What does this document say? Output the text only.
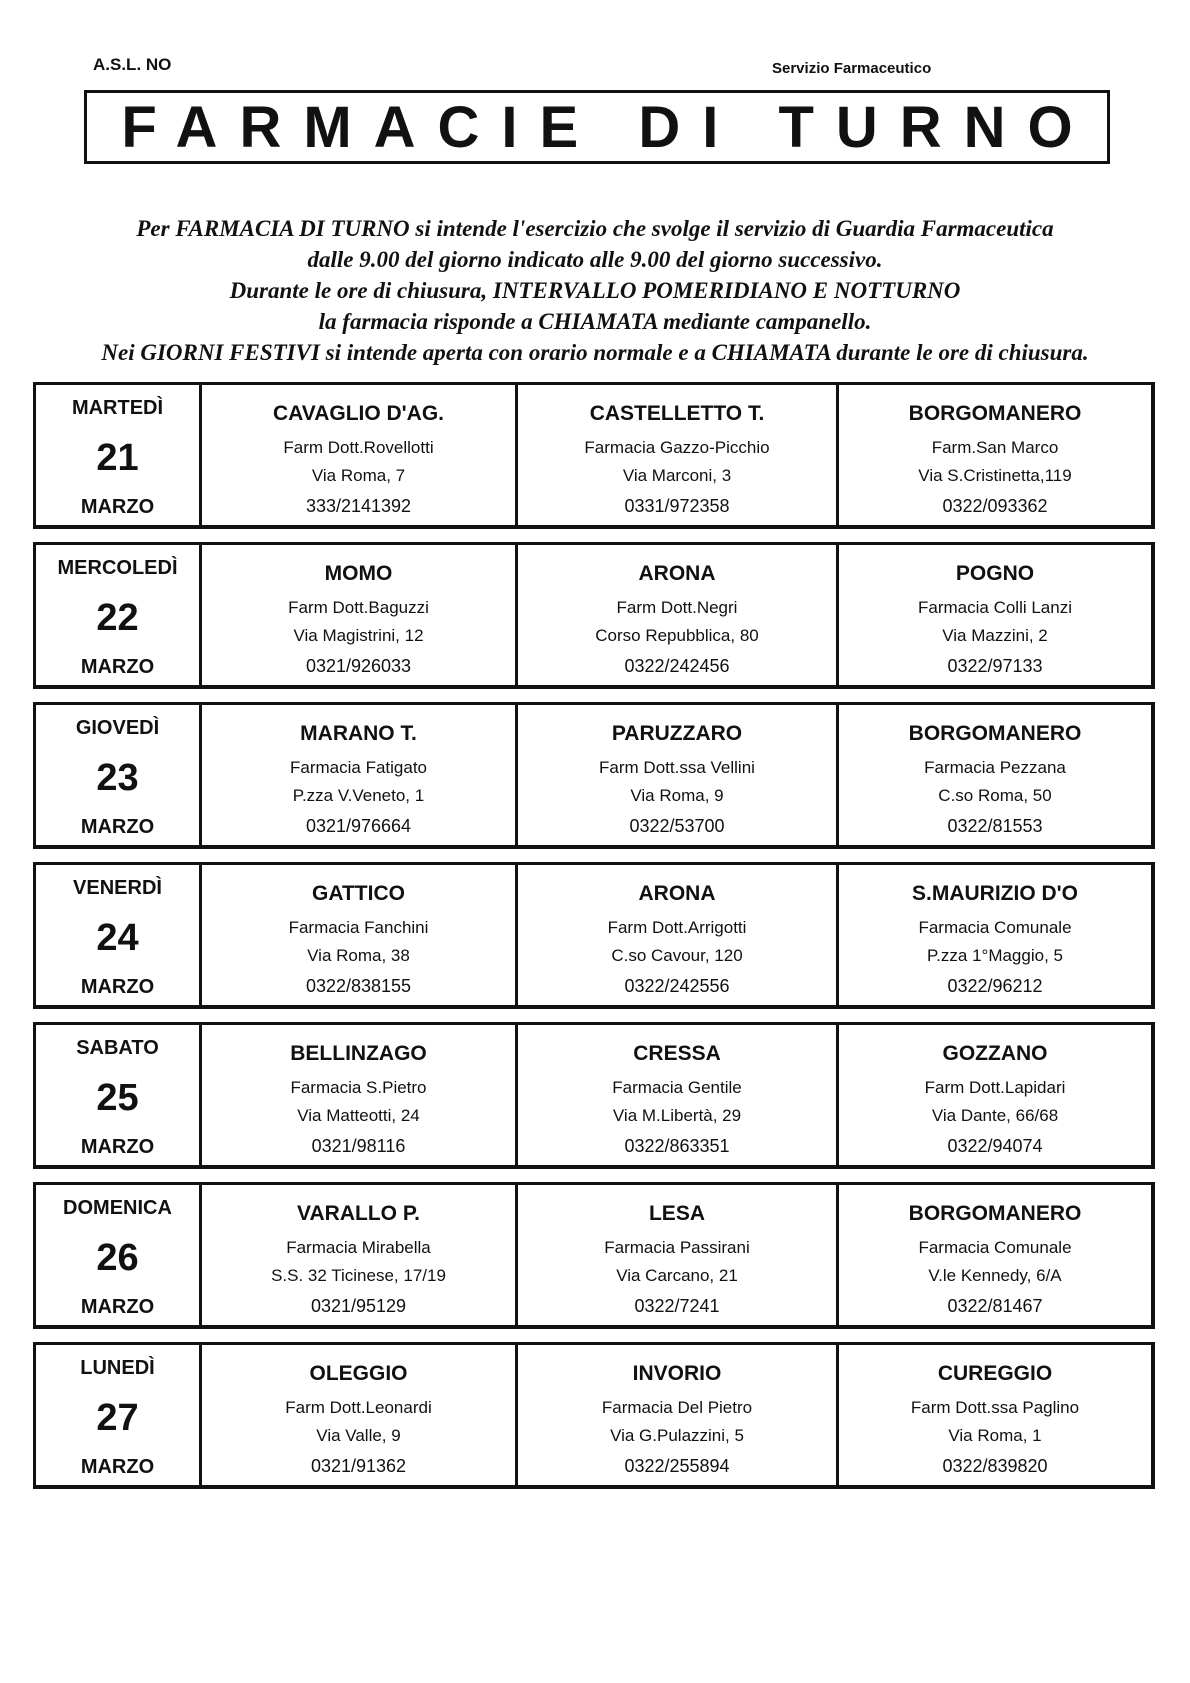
A.S.L. NO	Servizio Farmaceutico
FARMACIE DI TURNO
Per FARMACIA DI TURNO si intende l'esercizio che svolge il servizio di Guardia Farmaceutica
dalle 9.00 del giorno indicato alle 9.00 del giorno successivo.
Durante le ore di chiusura, INTERVALLO POMERIDIANO E NOTTURNO
la farmacia risponde a CHIAMATA mediante campanello.
Nei GIORNI FESTIVI si intende aperta con orario normale e a CHIAMATA durante le ore di chiusura.
MARTEDÌ
21
MARZO
CAVAGLIO D'AG.
Farm Dott.Rovellotti
Via Roma, 7
333/2141392
CASTELLETTO T.
Farmacia Gazzo-Picchio
Via Marconi, 3
0331/972358
BORGOMANERO
Farm.San Marco
Via S.Cristinetta,119
0322/093362
MERCOLEDÌ
22
MARZO
MOMO
Farm Dott.Baguzzi
Via Magistrini, 12
0321/926033
ARONA
Farm Dott.Negri
Corso Repubblica, 80
0322/242456
POGNO
Farmacia Colli Lanzi
Via Mazzini, 2
0322/97133
GIOVEDÌ
23
MARZO
MARANO T.
Farmacia Fatigato
P.zza V.Veneto, 1
0321/976664
PARUZZARO
Farm Dott.ssa Vellini
Via Roma, 9
0322/53700
BORGOMANERO
Farmacia Pezzana
C.so Roma, 50
0322/81553
VENERDÌ
24
MARZO
GATTICO
Farmacia Fanchini
Via Roma, 38
0322/838155
ARONA
Farm Dott.Arrigotti
C.so Cavour, 120
0322/242556
S.MAURIZIO D'O
Farmacia Comunale
P.zza 1°Maggio, 5
0322/96212
SABATO
25
MARZO
BELLINZAGO
Farmacia S.Pietro
Via Matteotti, 24
0321/98116
CRESSA
Farmacia Gentile
Via M.Libertà, 29
0322/863351
GOZZANO
Farm Dott.Lapidari
Via Dante, 66/68
0322/94074
DOMENICA
26
MARZO
VARALLO P.
Farmacia Mirabella
S.S. 32 Ticinese, 17/19
0321/95129
LESA
Farmacia Passirani
Via Carcano, 21
0322/7241
BORGOMANERO
Farmacia Comunale
V.le Kennedy, 6/A
0322/81467
LUNEDÌ
27
MARZO
OLEGGIO
Farm Dott.Leonardi
Via Valle, 9
0321/91362
INVORIO
Farmacia Del Pietro
Via G.Pulazzini, 5
0322/255894
CUREGGIO
Farm Dott.ssa Paglino
Via Roma, 1
0322/839820
